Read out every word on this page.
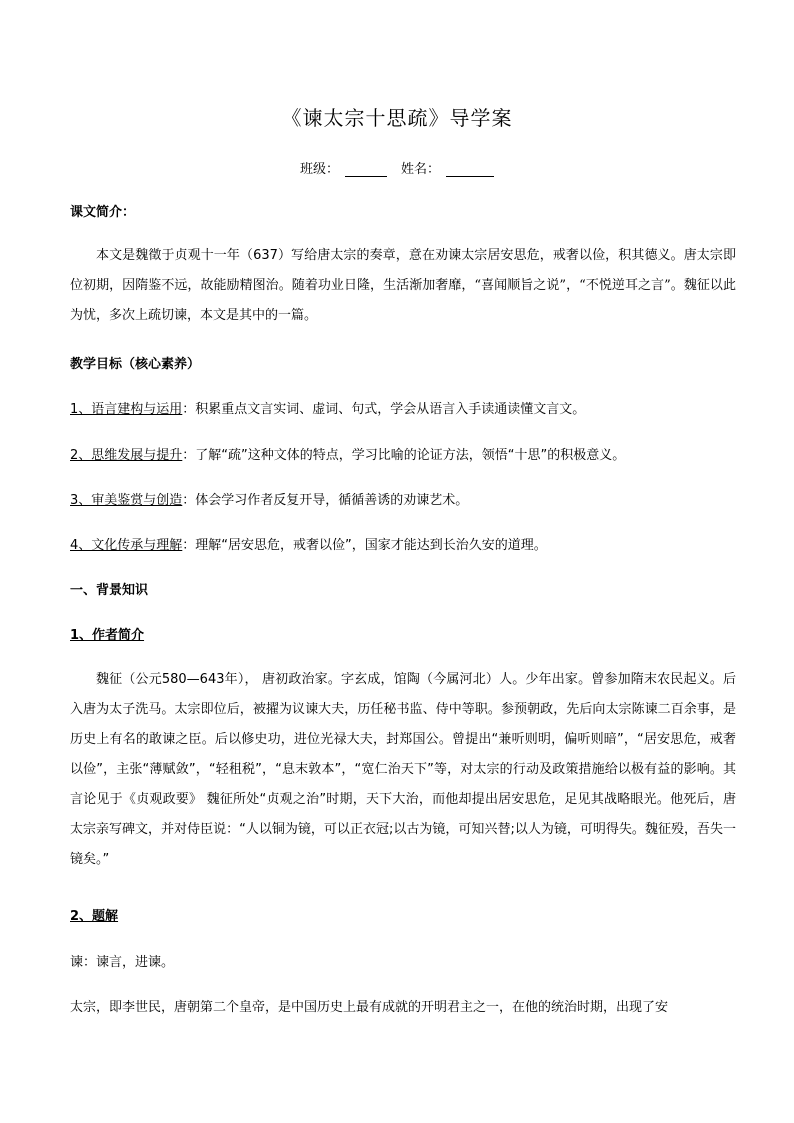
《谏太宗十思疏》导学案
班级：	姓名：
课文简介：
本文是魏徵于贞观十一年（637）写给唐太宗的奏章，意在劝谏太宗居安思危，戒奢以俭，积其德义。唐太宗即位初期，因隋鉴不远，故能励精图治。随着功业日隆，生活渐加奢靡，“喜闻顺旨之说”，“不悦逆耳之言”。魏征以此为忧，多次上疏切谏，本文是其中的一篇。
教学目标（核心素养）
1、语言建构与运用：积累重点文言实词、虚词、句式，学会从语言入手读通读懂文言文。
2、思维发展与提升：了解“疏”这种文体的特点，学习比喻的论证方法，领悟“十思”的积极意义。
3、审美鉴赏与创造：体会学习作者反复开导，循循善诱的劝谏艺术。
4、文化传承与理解：理解“居安思危，戒奢以俭”，国家才能达到长治久安的道理。
一、背景知识
1、作者简介
魏征（公元580—643年）， 唐初政治家。字玄成，馆陶（今属河北）人。少年出家。曾参加隋末农民起义。后入唐为太子洗马。太宗即位后，被擢为议谏大夫，历任秘书监、侍中等职。参预朝政，先后向太宗陈谏二百余事，是历史上有名的敢谏之臣。后以修史功，进位光禄大夫，封郑国公。曾提出“兼听则明，偏听则暗”，“居安思危，戒奢以俭”，主张“薄赋敛”，“轻租税”，“息末敦本”，“宽仁治天下”等，对太宗的行动及政策措施给以极有益的影响。其言论见于《贞观政要》 魏征所处“贞观之治”时期，天下大治，而他却提出居安思危，足见其战略眼光。他死后，唐太宗亲写碑文，并对侍臣说：“人以铜为镜，可以正衣冠;以古为镜，可知兴替;以人为镜，可明得失。魏征殁，吾失一镜矣。”
2、题解
谏：谏言，进谏。
太宗，即李世民，唐朝第二个皇帝，是中国历史上最有成就的开明君主之一，在他的统治时期，出现了安
